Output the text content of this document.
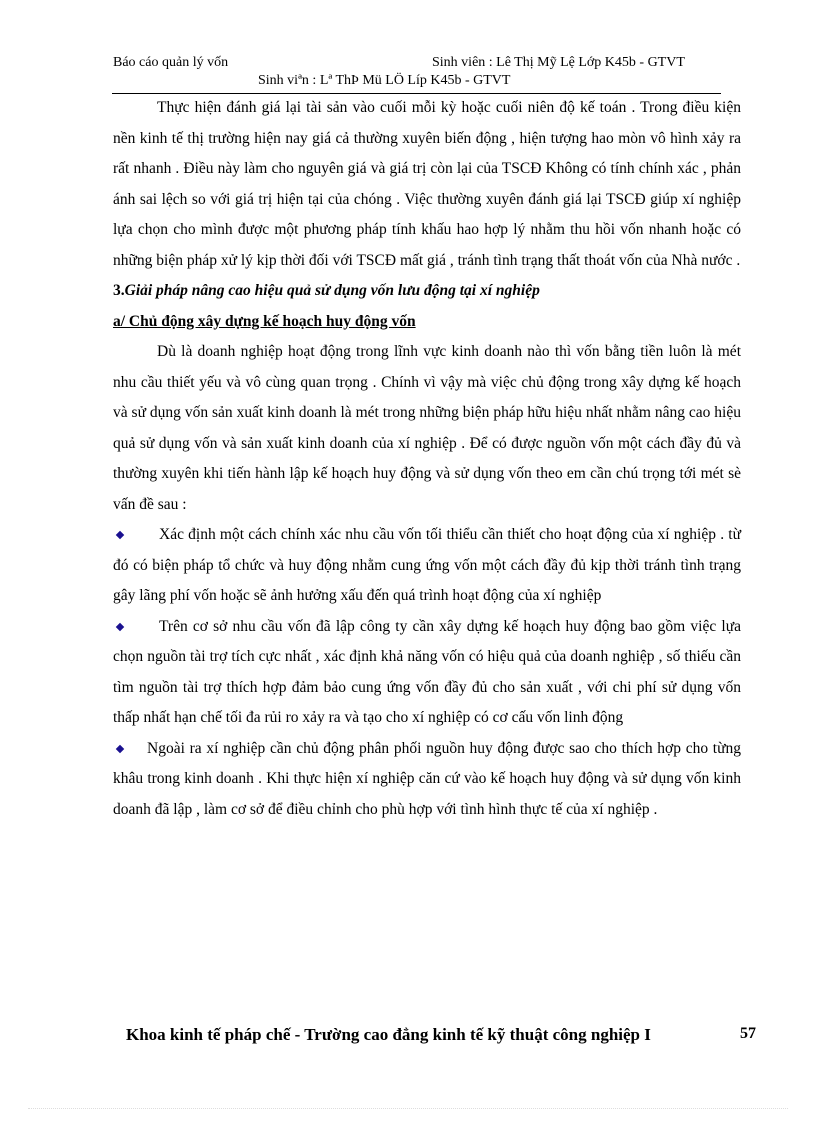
Báo cáo quản lý vốn	Sinh viên : Lê Thị Mỹ Lệ Lớp K45b - GTVT
Sinh viªn : Lª ThÞ Mü LÖ Líp K45b - GTVT

Thực hiện đánh giá lại tài sản vào cuối mỗi kỳ hoặc cuối niên độ kế toán . Trong điều kiện nền kinh tế thị trường hiện nay giá cả thường xuyên biến động , hiện tượng hao mòn vô hình xảy ra rất nhanh . Điều này làm cho nguyên giá và giá trị còn lại của TSCĐ Không có tính chính xác , phản ánh sai lệch so với giá trị hiện tại của chóng . Việc thường xuyên đánh giá lại TSCĐ giúp xí nghiệp lựa chọn cho mình được một phương pháp tính khấu hao hợp lý nhằm thu hồi vốn nhanh hoặc có những biện pháp xử lý kịp thời đối với TSCĐ mất giá , tránh tình trạng thất thoát vốn của Nhà nước .

3.Giải pháp nâng cao hiệu quả sử dụng vốn lưu động tại xí nghiệp

a/ Chủ động xây dựng kế hoạch huy động vốn

Dù là doanh nghiệp hoạt động trong lĩnh vực kinh doanh nào thì vốn bằng tiền luôn là mét nhu cầu thiết yếu và vô cùng quan trọng . Chính vì vậy mà việc chủ động trong xây dựng kế hoạch và sử dụng vốn sản xuất kinh doanh là mét trong những biện pháp hữu hiệu nhất nhằm nâng cao hiệu quả sử dụng vốn và sản xuất kinh doanh của xí nghiệp . Để có được nguồn vốn một cách đầy đủ và thường xuyên khi tiến hành lập kế hoạch huy động và sử dụng vốn theo em cần chú trọng tới mét sè vấn đề sau :

Xác định một cách chính xác nhu cầu vốn tối thiểu cần thiết cho hoạt động của xí nghiệp . từ đó có biện pháp tổ chức và huy động nhằm cung ứng vốn một cách đầy đủ kịp thời tránh tình trạng gây lãng phí vốn hoặc sẽ ảnh hưởng xấu đến quá trình hoạt động của xí nghiệp

Trên cơ sở nhu cầu vốn đã lập công ty cần xây dựng kế hoạch huy động bao gồm việc lựa chọn nguồn tài trợ tích cực nhất , xác định khả năng vốn có hiệu quả của doanh nghiệp , số thiếu cần tìm nguồn tài trợ thích hợp đảm bảo cung ứng vốn đầy đủ cho sản xuất , với chi phí sử dụng vốn thấp nhất hạn chế tối đa rủi ro xảy ra và tạo cho xí nghiệp có cơ cấu vốn linh động

Ngoài ra xí nghiệp cần chủ động phân phối nguồn huy động được sao cho thích hợp cho từng khâu trong kinh doanh . Khi thực hiện xí nghiệp căn cứ vào kế hoạch huy động và sử dụng vốn kinh doanh đã lập , làm cơ sở để điều chỉnh cho phù hợp với tình hình thực tế của xí nghiệp .

Khoa kinh tế pháp chế - Trường cao đẳng kinh tế kỹ thuật công nghiệp I	57
